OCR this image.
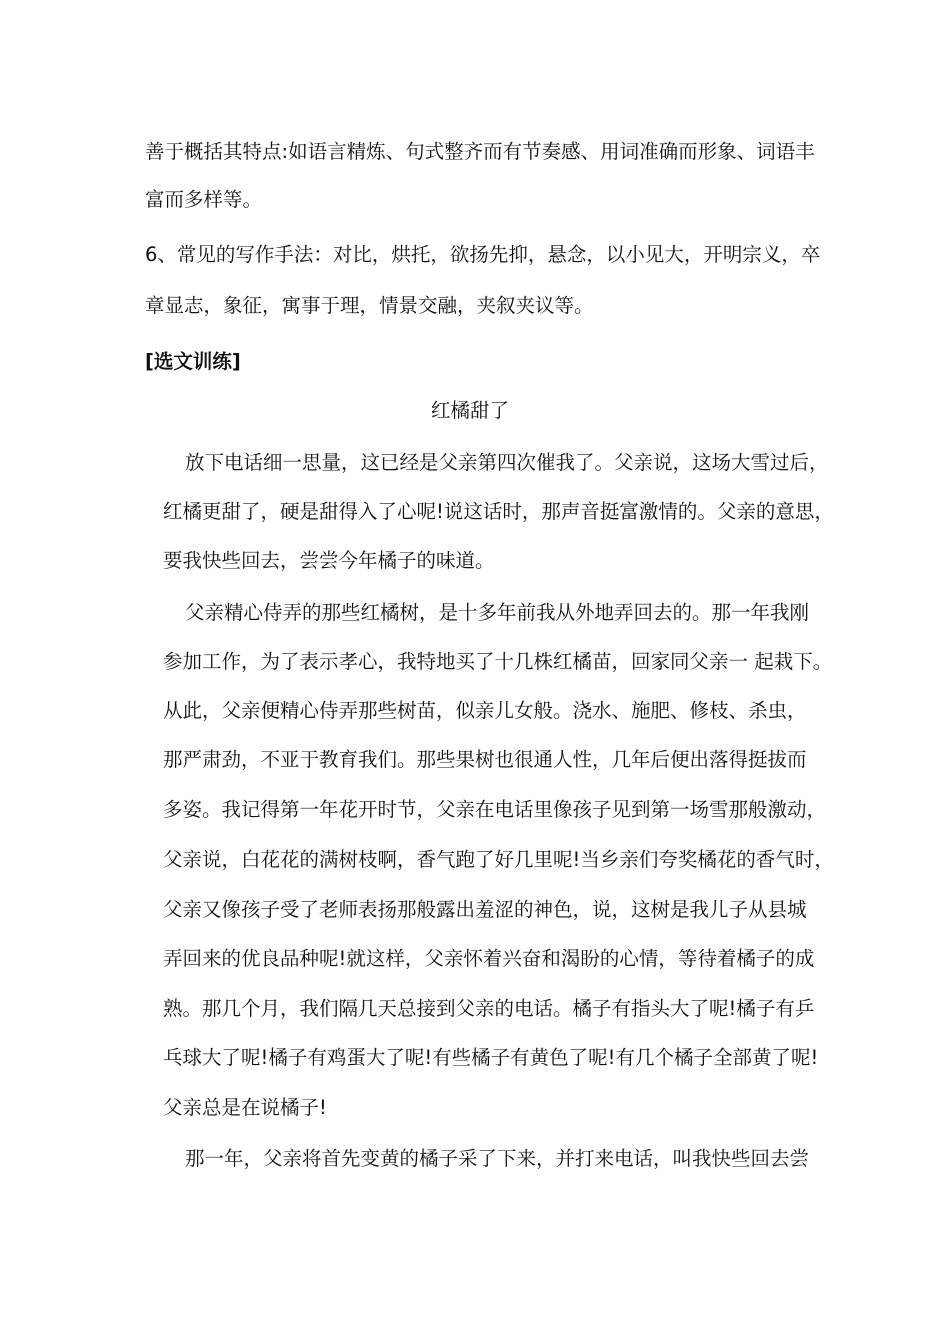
善于概括其特点:如语言精炼、句式整齐而有节奏感、用词准确而形象、词语丰
富而多样等。
6、常见的写作手法：对比，烘托，欲扬先抑，悬念，以小见大，开明宗义，卒
章显志，象征，寓事于理，情景交融，夹叙夹议等。
[选文训练]
红橘甜了
放下电话细一思量，这已经是父亲第四次催我了。父亲说，这场大雪过后，
红橘更甜了，硬是甜得入了心呢!说这话时，那声音挺富激情的。父亲的意思，
要我快些回去，尝尝今年橘子的味道。
父亲精心侍弄的那些红橘树，是十多年前我从外地弄回去的。那一年我刚
参加工作，为了表示孝心，我特地买了十几株红橘苗，回家同父亲一 起栽下。
从此，父亲便精心侍弄那些树苗，似亲儿女般。浇水、施肥、修枝、杀虫，
那严肃劲，不亚于教育我们。那些果树也很通人性，几年后便出落得挺拔而
多姿。我记得第一年花开时节，父亲在电话里像孩子见到第一场雪那般激动，
父亲说，白花花的满树枝啊，香气跑了好几里呢!当乡亲们夸奖橘花的香气时，
父亲又像孩子受了老师表扬那般露出羞涩的神色，说，这树是我儿子从县城
弄回来的优良品种呢!就这样，父亲怀着兴奋和渴盼的心情，等待着橘子的成
熟。那几个月，我们隔几天总接到父亲的电话。橘子有指头大了呢!橘子有乒
乓球大了呢!橘子有鸡蛋大了呢!有些橘子有黄色了呢!有几个橘子全部黄了呢!
父亲总是在说橘子!
那一年，父亲将首先变黄的橘子采了下来，并打来电话，叫我快些回去尝
